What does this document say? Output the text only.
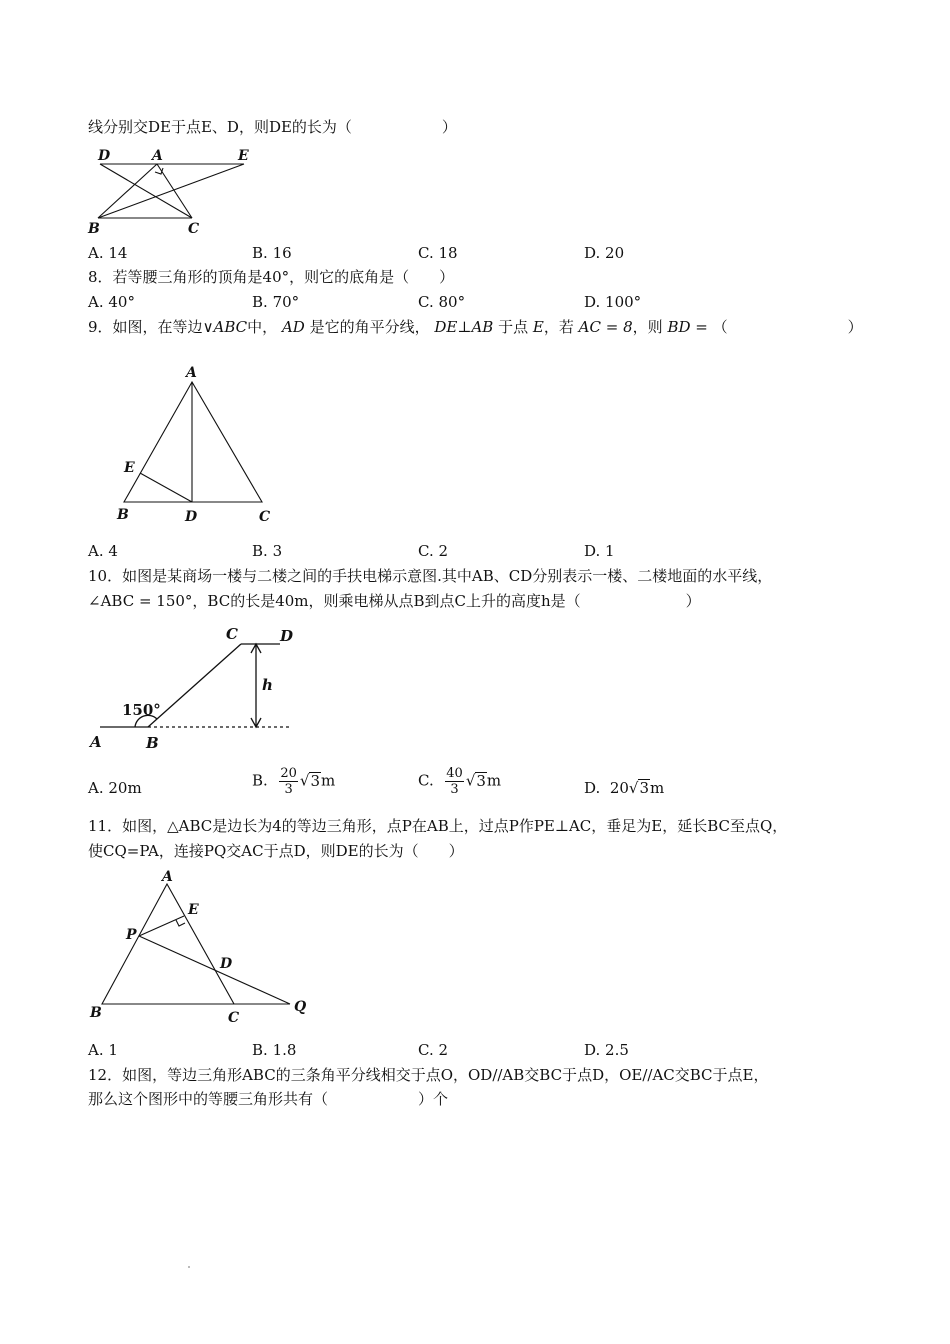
线分别交DE于点E、D，则DE的长为（　　　　　　）
D	A	E
B	C
A. 14	B. 16	C. 18	D. 20
8．若等腰三角形的顶角是40°，则它的底角是（　　）
A. 40°	B. 70°	C. 80°	D. 100°
9．如图，在等边∨ABC中， AD 是它的角平分线， DE⊥AB 于点 E，若 AC = 8，则 BD = （	）
A
E
B	D	C
A. 4	B. 3	C. 2	D. 1
10．如图是某商场一楼与二楼之间的手扶电梯示意图.其中AB、CD分别表示一楼、二楼地面的水平线，
∠ABC = 150°，BC的长是40m，则乘电梯从点B到点C上升的高度h是（　　　　　　　）
C	D
h
150°
A	B
A. 20m	B. $\frac{20}{3} √3m$	C. $\frac{40}{3} √3m$	D. 20√3m
11．如图，△ABC是边长为4的等边三角形，点P在AB上，过点P作PE⊥AC，垂足为E，延长BC至点Q，
使CQ=PA，连接PQ交AC于点D，则DE的长为（　　）
A
E
P
D
B	C
Q
A. 1	B. 1.8	C. 2	D. 2.5
12．如图，等边三角形ABC的三条角平分线相交于点O，OD//AB交BC于点D，OE//AC交BC于点E，
那么这个图形中的等腰三角形共有（　　　　　　）个
